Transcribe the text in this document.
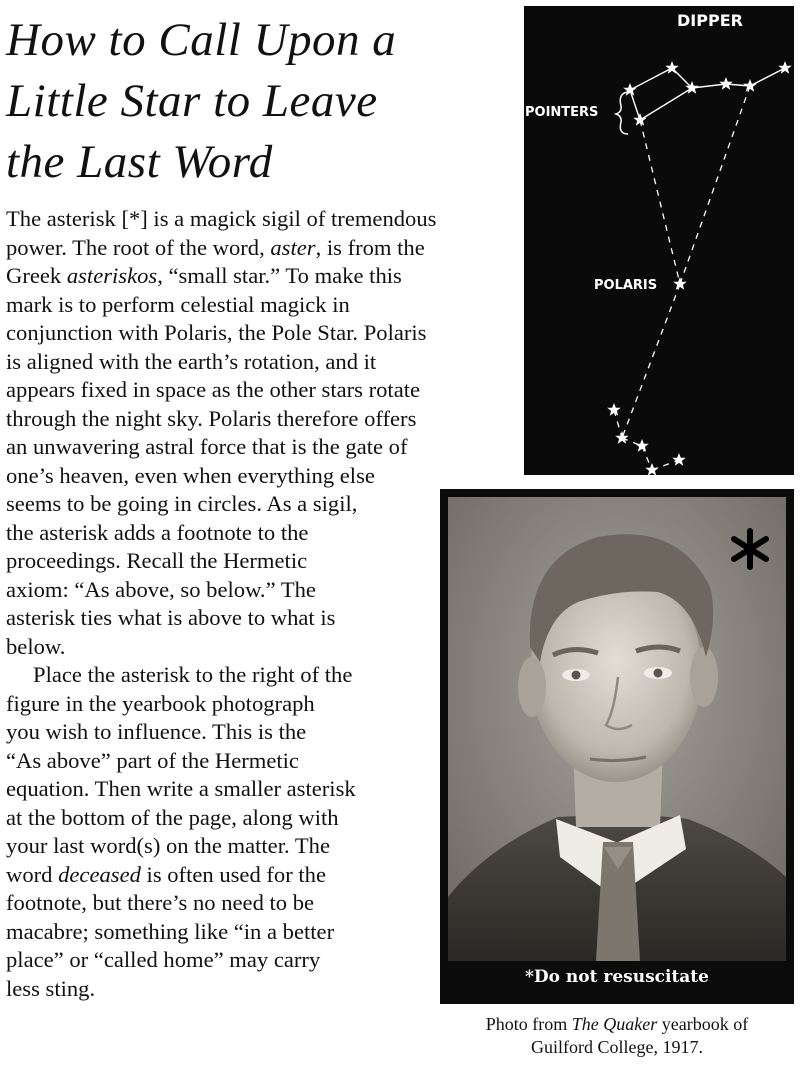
How to Call Upon a
Little Star to Leave
the Last Word
The asterisk [*] is a magick sigil of tremendous
power. The root of the word, aster, is from the
Greek asteriskos, “small star.” To make this
mark is to perform celestial magick in
conjunction with Polaris, the Pole Star. Polaris
is aligned with the earth’s rotation, and it
appears fixed in space as the other stars rotate
through the night sky. Polaris therefore offers
an unwavering astral force that is the gate of
one’s heaven, even when everything else
seems to be going in circles. As a sigil,
the asterisk adds a footnote to the
proceedings. Recall the Hermetic
axiom: “As above, so below.” The
asterisk ties what is above to what is
below.
Place the asterisk to the right of the
figure in the yearbook photograph
you wish to influence. This is the
“As above” part of the Hermetic
equation. Then write a smaller asterisk
at the bottom of the page, along with
your last word(s) on the matter. The
word deceased is often used for the
footnote, but there’s no need to be
macabre; something like “in a better
place” or “called home” may carry
less sting.
DIPPER
POINTERS
POLARIS
*Do not resuscitate
Photo from The Quaker yearbook of
Guilford College, 1917.
